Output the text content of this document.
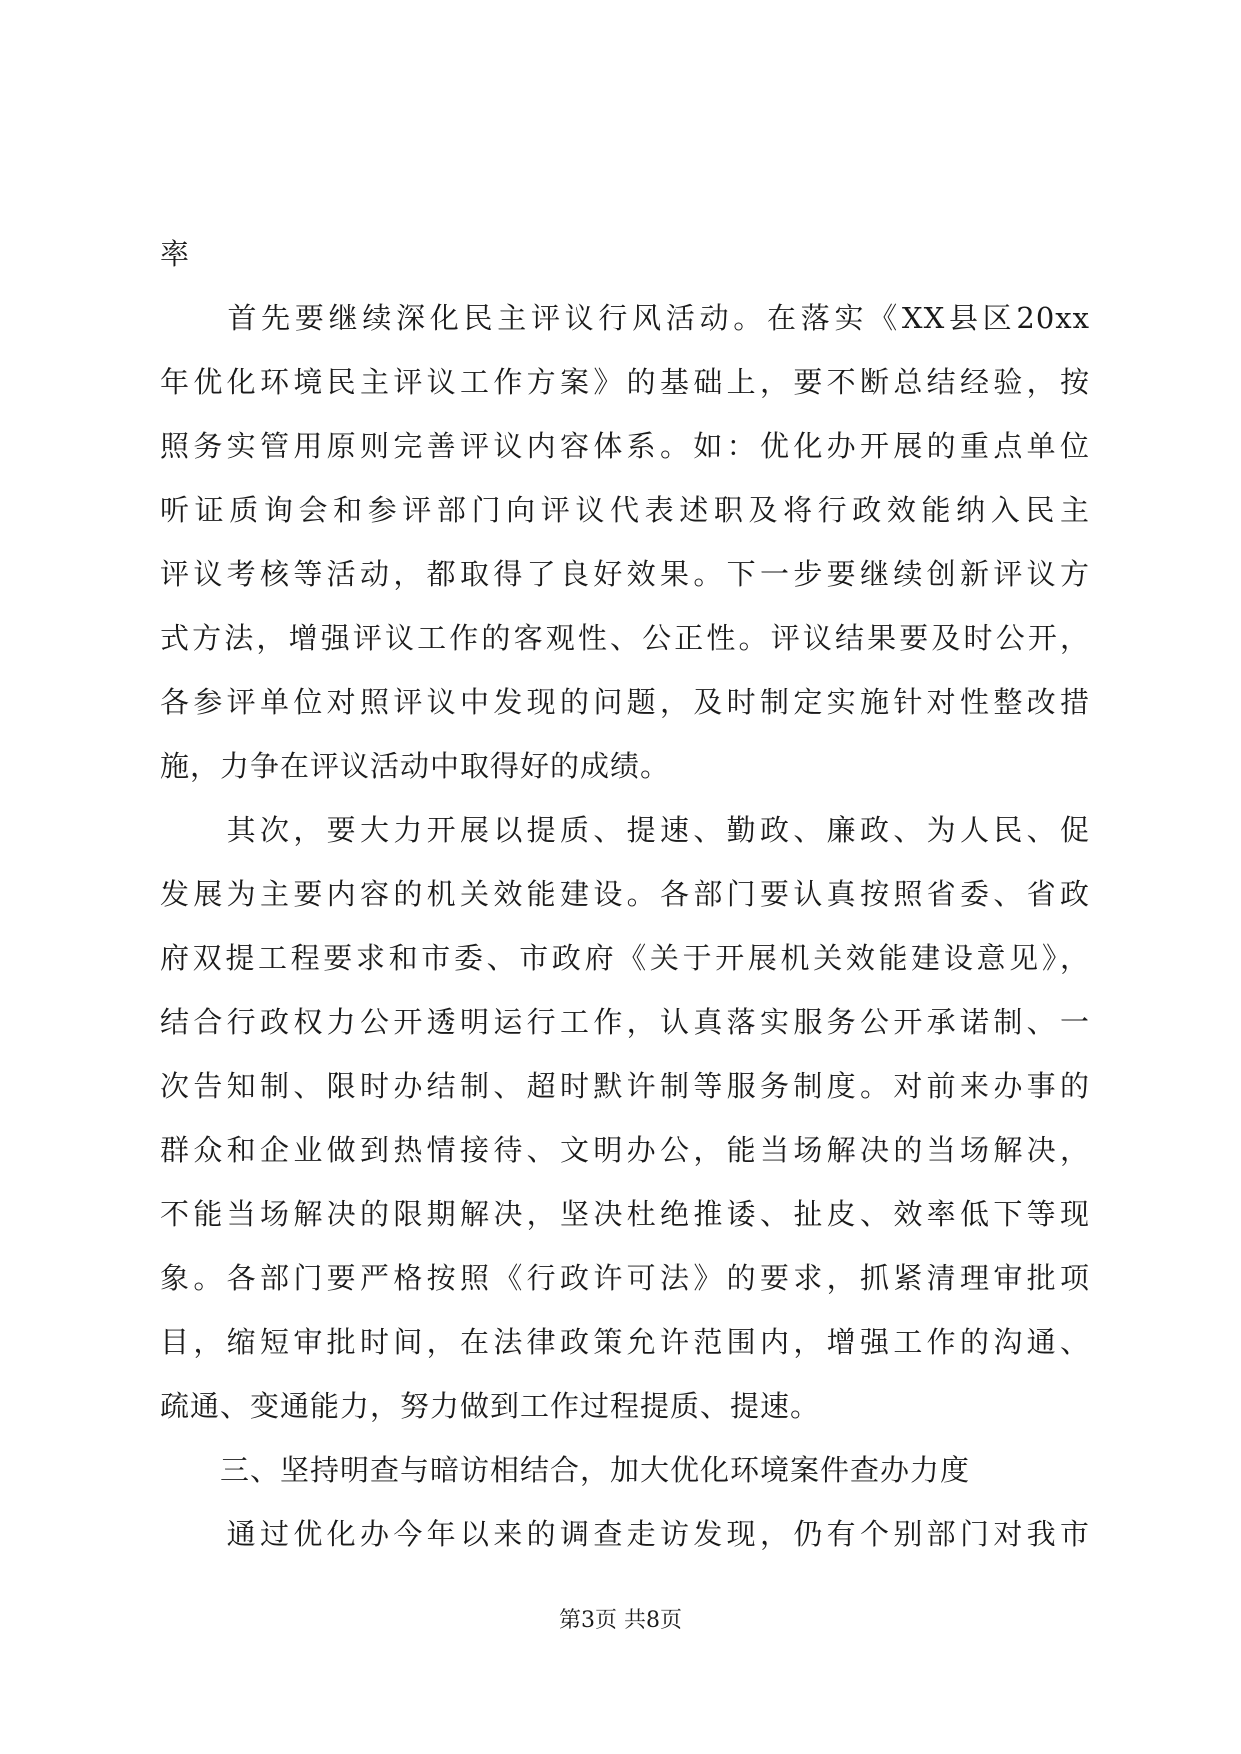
率
　　首先要继续深化民主评议行风活动。在落实《XX县区20xx
年优化环境民主评议工作方案》的基础上，要不断总结经验，按
照务实管用原则完善评议内容体系。如：优化办开展的重点单位
听证质询会和参评部门向评议代表述职及将行政效能纳入民主
评议考核等活动，都取得了良好效果。下一步要继续创新评议方
式方法，增强评议工作的客观性、公正性。评议结果要及时公开，
各参评单位对照评议中发现的问题，及时制定实施针对性整改措
施，力争在评议活动中取得好的成绩。
　　其次，要大力开展以提质、提速、勤政、廉政、为人民、促
发展为主要内容的机关效能建设。各部门要认真按照省委、省政
府双提工程要求和市委、市政府《关于开展机关效能建设意见》，
结合行政权力公开透明运行工作，认真落实服务公开承诺制、一
次告知制、限时办结制、超时默许制等服务制度。对前来办事的
群众和企业做到热情接待、文明办公，能当场解决的当场解决，
不能当场解决的限期解决，坚决杜绝推诿、扯皮、效率低下等现
象。各部门要严格按照《行政许可法》的要求，抓紧清理审批项
目，缩短审批时间，在法律政策允许范围内，增强工作的沟通、
疏通、变通能力，努力做到工作过程提质、提速。
　　三、坚持明查与暗访相结合，加大优化环境案件查办力度
　　通过优化办今年以来的调查走访发现，仍有个别部门对我市
第3页 共8页
